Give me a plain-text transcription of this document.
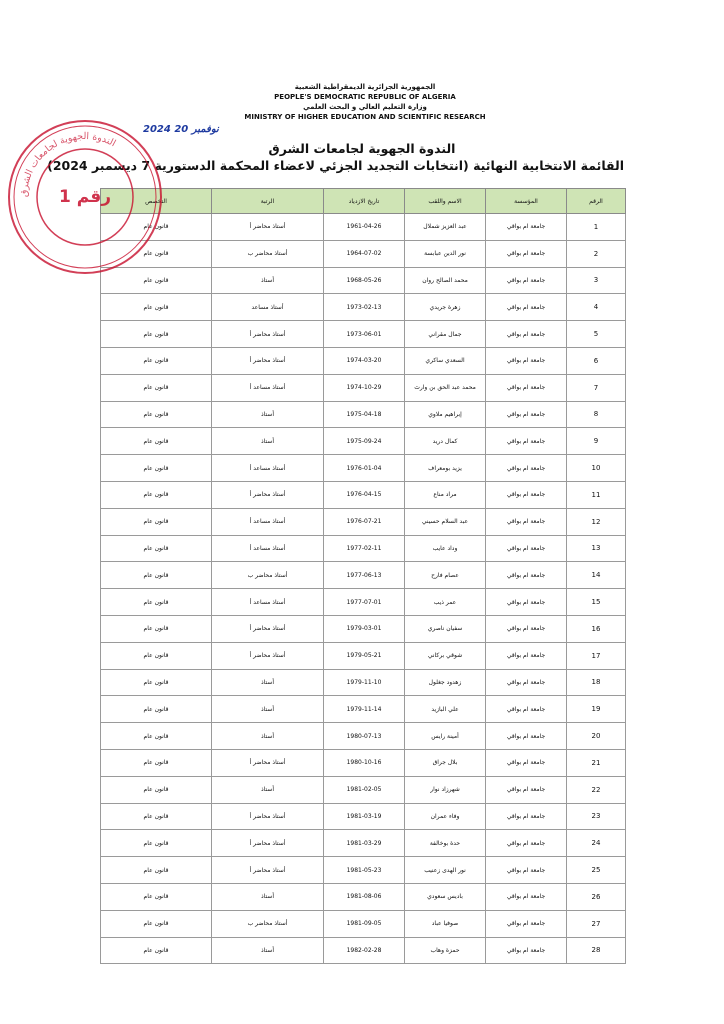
الجمهورية الجزائرية الديمقراطية الشعبية
PEOPLE'S DEMOCRATIC REPUBLIC OF ALGERIA
وزارة التعليم العالي و البحث العلمي
MINISTRY OF HIGHER EDUCATION AND SCIENTIFIC RESEARCH
2024 نوفمبر 20
الندوة الجهوية لجامعات الشرق
القائمة الانتخابية النهائية (انتخابات التجديد الجزئي لاعضاء المحكمة الدستورية 7 ديسمبر 2024)
الرقم	المؤسسة	الاسم واللقب	تاريخ الازدياد	الرتبة	التخصص
1	جامعة ام بواقي	عبد العزيز شملال	1961-04-26	أستاذ محاضر أ	قانون عام
2	جامعة ام بواقي	نور الدين عبابسة	1964-07-02	أستاذ محاضر ب	قانون عام
3	جامعة ام بواقي	محمد الصالح روان	1968-05-26	أستاذ	قانون عام
4	جامعة ام بواقي	زهرة جريدي	1973-02-13	أستاذ مساعد	قانون عام
5	جامعة ام بواقي	جمال مقراني	1973-06-01	أستاذ محاضر أ	قانون عام
6	جامعة ام بواقي	السعدي ساكري	1974-03-20	أستاذ محاضر أ	قانون عام
7	جامعة ام بواقي	محمد عبد الحق بن وارث	1974-10-29	أستاذ مساعد أ	قانون عام
8	جامعة ام بواقي	إبراهيم ملاوي	1975-04-18	أستاذ	قانون عام
9	جامعة ام بواقي	كمال دريد	1975-09-24	أستاذ	قانون عام
10	جامعة ام بواقي	يزيد بومعراف	1976-01-04	أستاذ مساعد أ	قانون عام
11	جامعة ام بواقي	مراد مناع	1976-04-15	أستاذ محاضر أ	قانون عام
12	جامعة ام بواقي	عبد السلام حسيني	1976-07-21	أستاذ مساعد أ	قانون عام
13	جامعة ام بواقي	وداد عايب	1977-02-11	أستاذ مساعد أ	قانون عام
14	جامعة ام بواقي	عصام فارح	1977-06-13	أستاذ محاضر ب	قانون عام
15	جامعة ام بواقي	عمر ذيب	1977-07-01	أستاذ مساعد أ	قانون عام
16	جامعة ام بواقي	سفيان ناصري	1979-03-01	أستاذ محاضر أ	قانون عام
17	جامعة ام بواقي	شوقي بركاني	1979-05-21	أستاذ محاضر أ	قانون عام
18	جامعة ام بواقي	زهدود جغلول	1979-11-10	أستاذ	قانون عام
19	جامعة ام بواقي	علي البازيد	1979-11-14	أستاذ	قانون عام
20	جامعة ام بواقي	أمينة رايس	1980-07-13	أستاذ	قانون عام
21	جامعة ام بواقي	بلال جراق	1980-10-16	أستاذ محاضر أ	قانون عام
22	جامعة ام بواقي	شهرزاد نوار	1981-02-05	أستاذ	قانون عام
23	جامعة ام بواقي	وفاء عمران	1981-03-19	أستاذ محاضر أ	قانون عام
24	جامعة ام بواقي	حدة بوخالفة	1981-03-29	أستاذ محاضر أ	قانون عام
25	جامعة ام بواقي	نور الهدى زعنيب	1981-05-23	أستاذ محاضر أ	قانون عام
26	جامعة ام بواقي	باديس سعودي	1981-08-06	أستاذ	قانون عام
27	جامعة ام بواقي	صوفيا عباد	1981-09-05	أستاذ محاضر ب	قانون عام
28	جامعة ام بواقي	حمزة وهاب	1982-02-28	أستاذ	قانون عام
الندوة الجهوية لجامعات الشرق
رقم 1
